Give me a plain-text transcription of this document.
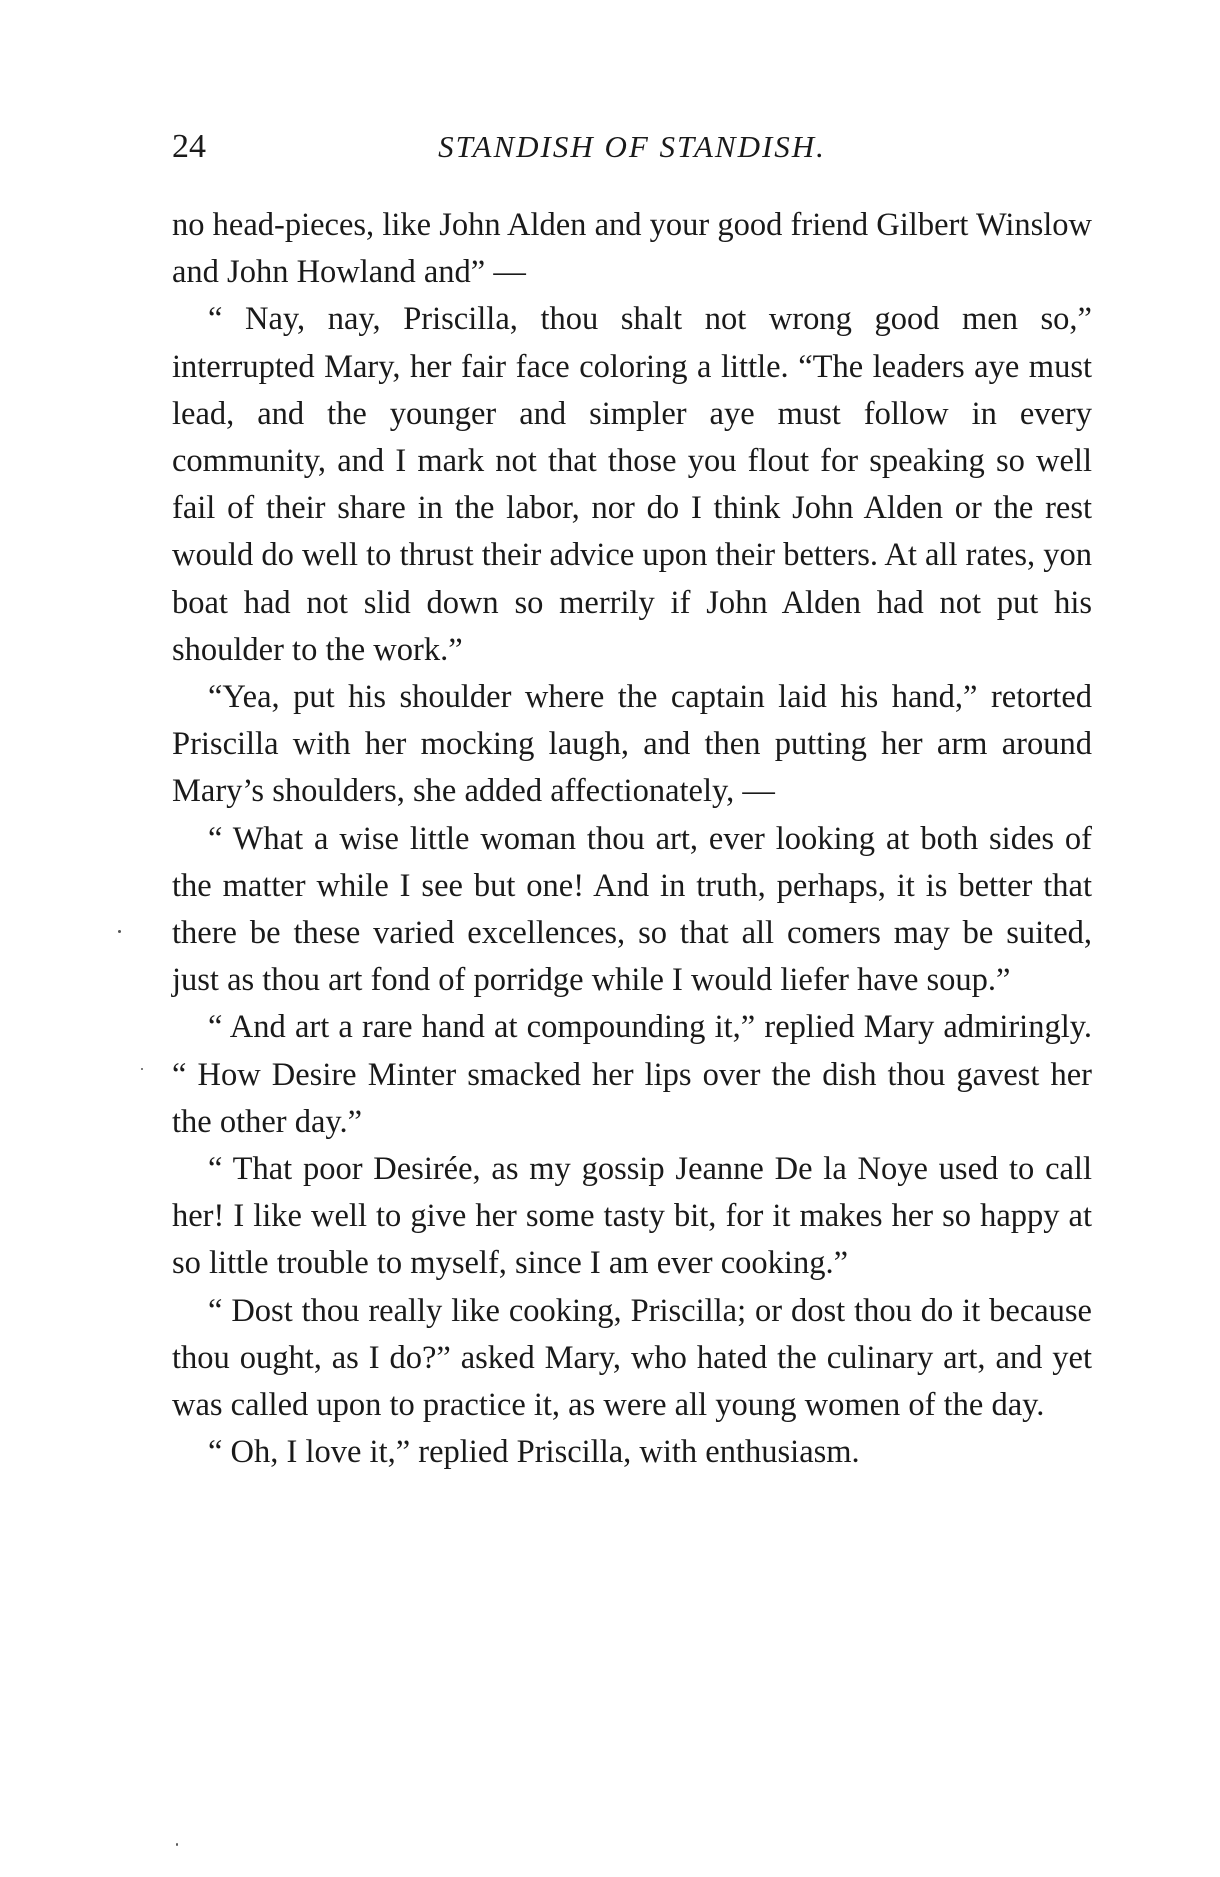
24	STANDISH OF STANDISH.

no head-pieces, like John Alden and your good friend Gilbert Winslow and John Howland and” —

“ Nay, nay, Priscilla, thou shalt not wrong good men so,” interrupted Mary, her fair face coloring a little. “The leaders aye must lead, and the younger and simpler aye must follow in every community, and I mark not that those you flout for speaking so well fail of their share in the labor, nor do I think John Alden or the rest would do well to thrust their advice upon their betters. At all rates, yon boat had not slid down so merrily if John Alden had not put his shoulder to the work.”

“Yea, put his shoulder where the captain laid his hand,” retorted Priscilla with her mocking laugh, and then putting her arm around Mary’s shoulders, she added affectionately, —

“ What a wise little woman thou art, ever looking at both sides of the matter while I see but one! And in truth, perhaps, it is better that there be these varied excellences, so that all comers may be suited, just as thou art fond of porridge while I would liefer have soup.”

“ And art a rare hand at compounding it,” replied Mary admiringly. “ How Desire Minter smacked her lips over the dish thou gavest her the other day.”

“ That poor Desirée, as my gossip Jeanne De la Noye used to call her! I like well to give her some tasty bit, for it makes her so happy at so little trouble to myself, since I am ever cooking.”

“ Dost thou really like cooking, Priscilla; or dost thou do it because thou ought, as I do?” asked Mary, who hated the culinary art, and yet was called upon to practice it, as were all young women of the day.

“ Oh, I love it,” replied Priscilla, with enthusiasm.
